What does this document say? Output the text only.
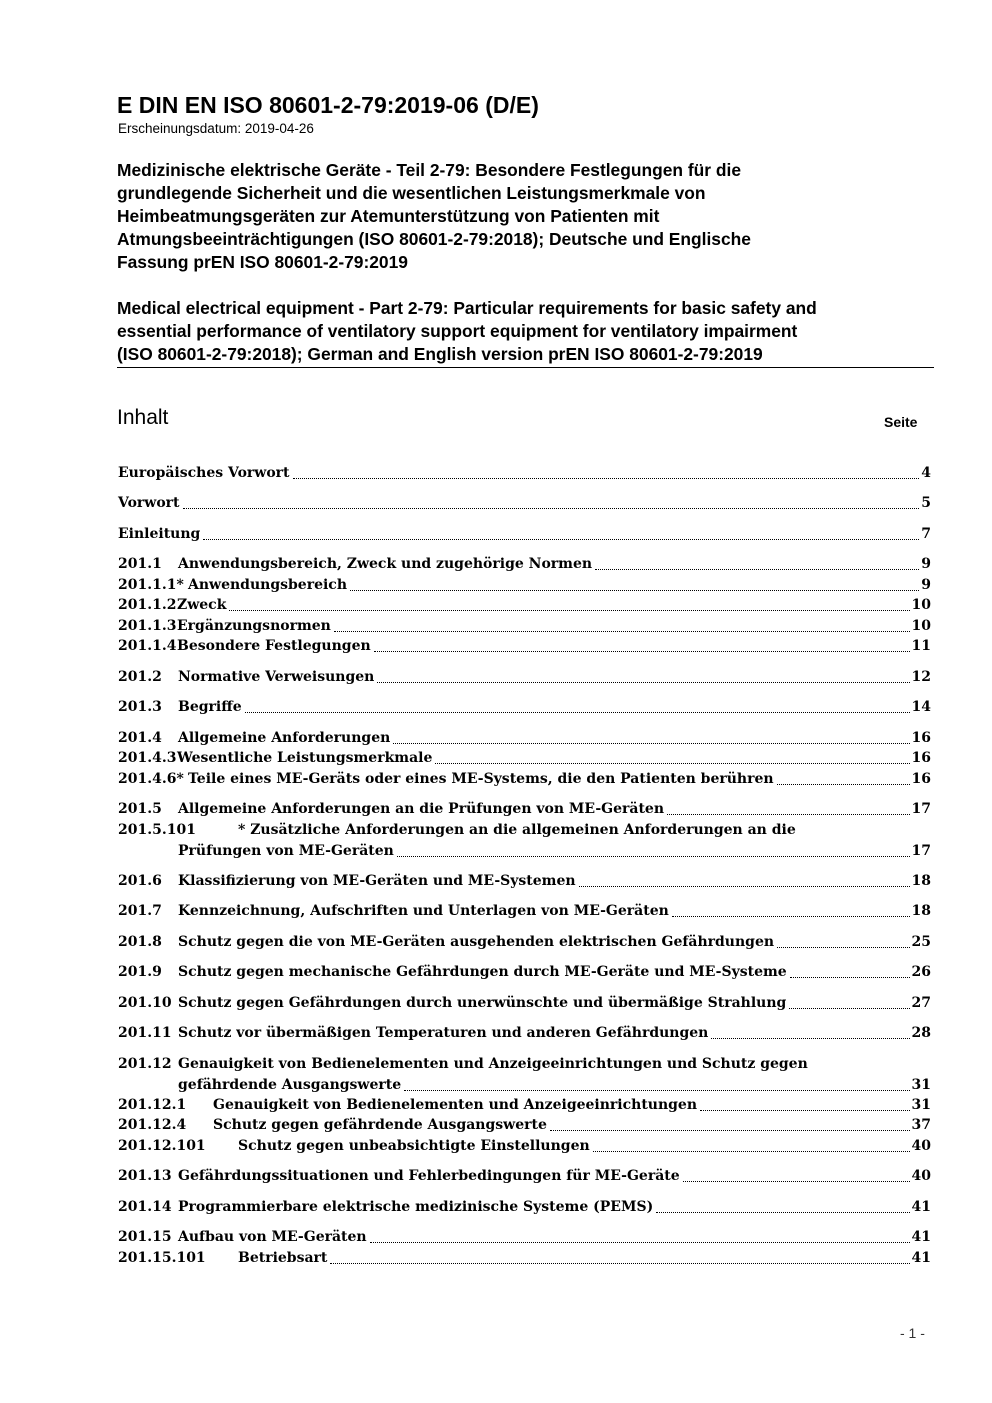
E DIN EN ISO 80601-2-79:2019-06 (D/E)
Erscheinungsdatum: 2019-04-26
Medizinische elektrische Geräte - Teil 2-79: Besondere Festlegungen für die
grundlegende Sicherheit und die wesentlichen Leistungsmerkmale von
Heimbeatmungsgeräten zur Atemunterstützung von Patienten mit
Atmungsbeeinträchtigungen (ISO 80601-2-79:2018); Deutsche und Englische
Fassung prEN ISO 80601-2-79:2019
Medical electrical equipment - Part 2-79: Particular requirements for basic safety and
essential performance of ventilatory support equipment for ventilatory impairment
(ISO 80601-2-79:2018); German and English version prEN ISO 80601-2-79:2019
Inhalt	Seite
Europäisches Vorwort	4
Vorwort	5
Einleitung	7
201.1 Anwendungsbereich, Zweck und zugehörige Normen	9
201.1.1* Anwendungsbereich	9
201.1.2 Zweck	10
201.1.3 Ergänzungsnormen	10
201.1.4 Besondere Festlegungen	11
201.2 Normative Verweisungen	12
201.3 Begriffe	14
201.4 Allgemeine Anforderungen	16
201.4.3 Wesentliche Leistungsmerkmale	16
201.4.6* Teile eines ME-Geräts oder eines ME-Systems, die den Patienten berühren	16
201.5 Allgemeine Anforderungen an die Prüfungen von ME-Geräten	17
201.5.101	* Zusätzliche Anforderungen an die allgemeinen Anforderungen an die
Prüfungen von ME-Geräten	17
201.6 Klassifizierung von ME-Geräten und ME-Systemen	18
201.7 Kennzeichnung, Aufschriften und Unterlagen von ME-Geräten	18
201.8 Schutz gegen die von ME-Geräten ausgehenden elektrischen Gefährdungen	25
201.9 Schutz gegen mechanische Gefährdungen durch ME-Geräte und ME-Systeme	26
201.10 Schutz gegen Gefährdungen durch unerwünschte und übermäßige Strahlung	27
201.11 Schutz vor übermäßigen Temperaturen und anderen Gefährdungen	28
201.12 Genauigkeit von Bedienelementen und Anzeigeeinrichtungen und Schutz gegen
gefährdende Ausgangswerte	31
201.12.1 Genauigkeit von Bedienelementen und Anzeigeeinrichtungen	31
201.12.4 Schutz gegen gefährdende Ausgangswerte	37
201.12.101 Schutz gegen unbeabsichtigte Einstellungen	40
201.13 Gefährdungssituationen und Fehlerbedingungen für ME-Geräte	40
201.14 Programmierbare elektrische medizinische Systeme (PEMS)	41
201.15 Aufbau von ME-Geräten	41
201.15.101 Betriebsart	41
- 1 -
